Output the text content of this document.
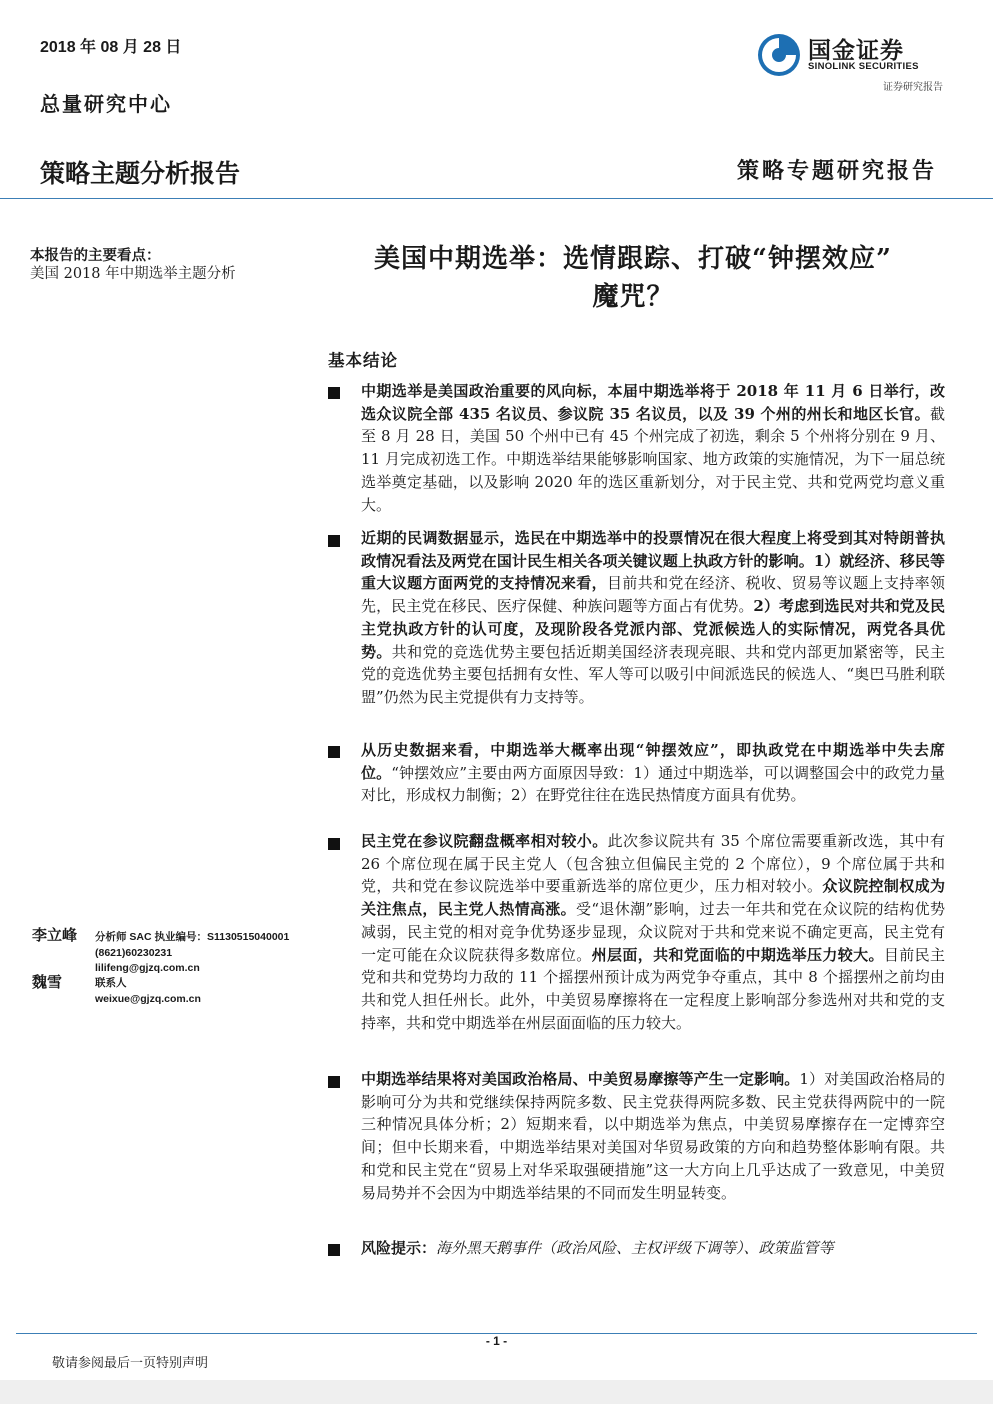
2018 年 08 月 28 日
总量研究中心
策略主题分析报告	策略专题研究报告
国金证券
SINOLINK SECURITIES
证券研究报告
本报告的主要看点：
美国 2018 年中期选举主题分析
李立峰 分析师 SAC 执业编号：S1130515040001
(8621)60230231
lilifeng@gjzq.com.cn
魏雪	联系人
weixue@gjzq.com.cn
美国中期选举：选情跟踪、打破“钟摆效应”
魔咒？
基本结论
中期选举是美国政治重要的风向标，本届中期选举将于 2018 年 11 月 6 日举行，改选众议院全部 435 名议员、参议院 35 名议员，以及 39 个州的州长和地区长官。截至 8 月 28 日，美国 50 个州中已有 45 个州完成了初选，剩余 5 个州将分别在 9 月、11 月完成初选工作。中期选举结果能够影响国家、地方政策的实施情况，为下一届总统选举奠定基础，以及影响 2020 年的选区重新划分，对于民主党、共和党两党均意义重大。
近期的民调数据显示，选民在中期选举中的投票情况在很大程度上将受到其对特朗普执政情况看法及两党在国计民生相关各项关键议题上执政方针的影响。1）就经济、移民等重大议题方面两党的支持情况来看，目前共和党在经济、税收、贸易等议题上支持率领先，民主党在移民、医疗保健、种族问题等方面占有优势。2）考虑到选民对共和党及民主党执政方针的认可度，及现阶段各党派内部、党派候选人的实际情况，两党各具优势。共和党的竞选优势主要包括近期美国经济表现亮眼、共和党内部更加紧密等，民主党的竞选优势主要包括拥有女性、军人等可以吸引中间派选民的候选人、“奥巴马胜利联盟”仍然为民主党提供有力支持等。
从历史数据来看，中期选举大概率出现“钟摆效应”，即执政党在中期选举中失去席位。“钟摆效应”主要由两方面原因导致：1）通过中期选举，可以调整国会中的政党力量对比，形成权力制衡；2）在野党往往在选民热情度方面具有优势。
民主党在参议院翻盘概率相对较小。此次参议院共有 35 个席位需要重新改选，其中有 26 个席位现在属于民主党人（包含独立但偏民主党的 2 个席位），9 个席位属于共和党，共和党在参议院选举中要重新选举的席位更少，压力相对较小。众议院控制权成为关注焦点，民主党人热情高涨。受“退休潮”影响，过去一年共和党在众议院的结构优势减弱，民主党的相对竞争优势逐步显现，众议院对于共和党来说不确定更高，民主党有一定可能在众议院获得多数席位。州层面，共和党面临的中期选举压力较大。目前民主党和共和党势均力敌的 11 个摇摆州预计成为两党争夺重点，其中 8 个摇摆州之前均由共和党人担任州长。此外，中美贸易摩擦将在一定程度上影响部分参选州对共和党的支持率，共和党中期选举在州层面面临的压力较大。
中期选举结果将对美国政治格局、中美贸易摩擦等产生一定影响。1）对美国政治格局的影响可分为共和党继续保持两院多数、民主党获得两院多数、民主党获得两院中的一院三种情况具体分析；2）短期来看，以中期选举为焦点，中美贸易摩擦存在一定博弈空间；但中长期来看，中期选举结果对美国对华贸易政策的方向和趋势整体影响有限。共和党和民主党在“贸易上对华采取强硬措施”这一大方向上几乎达成了一致意见，中美贸易局势并不会因为中期选举结果的不同而发生明显转变。
风险提示：海外黑天鹅事件（政治风险、主权评级下调等）、政策监管等
- 1 -
敬请参阅最后一页特别声明
